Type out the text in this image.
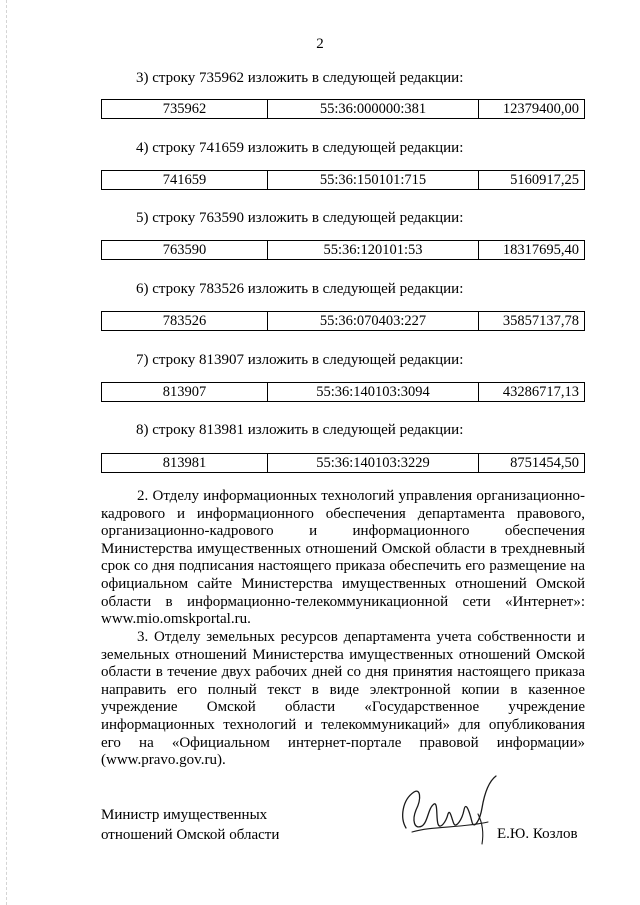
2
3) строку 735962 изложить в следующей редакции:
735962	55:36:000000:381	12379400,00
4) строку 741659 изложить в следующей редакции:
741659	55:36:150101:715	5160917,25
5) строку 763590 изложить в следующей редакции:
763590	55:36:120101:53	18317695,40
6) строку 783526 изложить в следующей редакции:
783526	55:36:070403:227	35857137,78
7) строку 813907 изложить в следующей редакции:
813907	55:36:140103:3094	43286717,13
8) строку 813981 изложить в следующей редакции:
813981	55:36:140103:3229	8751454,50
2. Отделу информационных технологий управления организационно-
кадрового и информационного обеспечения департамента правового,
организационно-кадрового и информационного обеспечения
Министерства имущественных отношений Омской области в трехдневный
срок со дня подписания настоящего приказа обеспечить его размещение на
официальном сайте Министерства имущественных отношений Омской
области в информационно-телекоммуникационной сети «Интернет»:
www.mio.omskportal.ru.
3. Отделу земельных ресурсов департамента учета собственности и
земельных отношений Министерства имущественных отношений Омской
области в течение двух рабочих дней со дня принятия настоящего приказа
направить его полный текст в виде электронной копии в казенное
учреждение Омской области «Государственное учреждение
информационных технологий и телекоммуникаций» для опубликования
его на «Официальном интернет-портале правовой информации»
(www.pravo.gov.ru).
Министр имущественных
отношений Омской области	Е.Ю. Козлов
